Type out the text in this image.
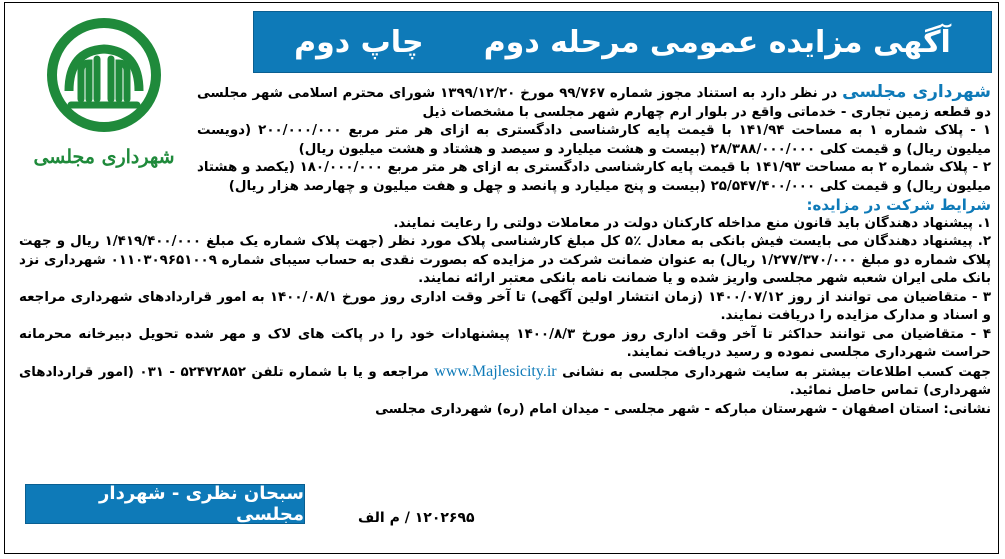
شهرداری مجلسی
آگهی مزایده عمومی مرحله دوم
چاپ دوم

شهرداری مجلسی در نظر دارد به استناد مجوز شماره ۹۹/۷۶۷ مورخ ۱۳۹۹/۱۲/۲۰ شورای محترم اسلامی شهر مجلسی دو قطعه زمین تجاری - خدماتی واقع در بلوار ارم چهارم شهر مجلسی با مشخصات ذیل

۱ - پلاک شماره ۱ به مساحت ۱۴۱/۹۴ با قیمت پایه کارشناسی دادگستری به ازای هر متر مربع ۲۰۰/۰۰۰/۰۰۰ (دویست میلیون ریال) و قیمت کلی ۲۸/۳۸۸/۰۰۰/۰۰۰ (بیست و هشت میلیارد و سیصد و هشتاد و هشت میلیون ریال)

۲ - پلاک شماره ۲ به مساحت ۱۴۱/۹۳ با قیمت پایه کارشناسی دادگستری به ازای هر متر مربع ۱۸۰/۰۰۰/۰۰۰ (یکصد و هشتاد میلیون ریال) و قیمت کلی ۲۵/۵۴۷/۴۰۰/۰۰۰ (بیست و پنج میلیارد و پانصد و چهل و هفت میلیون و چهارصد هزار ریال)

شرایط شرکت در مزایده:

۱. پیشنهاد دهندگان باید قانون منع مداخله کارکنان دولت در معاملات دولتی را رعایت نمایند.

۲. پیشنهاد دهندگان می بایست فیش بانکی به معادل ٪۵ کل مبلغ کارشناسی پلاک مورد نظر (جهت پلاک شماره یک مبلغ ۱/۴۱۹/۴۰۰/۰۰۰ ریال و جهت پلاک شماره دو مبلغ ۱/۲۷۷/۳۷۰/۰۰۰ ریال) به عنوان ضمانت شرکت در مزایده که بصورت نقدی به حساب سیبای شماره ۰۱۱۰۳۰۹۶۵۱۰۰۹ شهرداری نزد بانک ملی ایران شعبه شهر مجلسی واریز شده و یا ضمانت نامه بانکی معتبر ارائه نمایند.

۳ - متقاضیان می توانند از روز ۱۴۰۰/۰۷/۱۲ (زمان انتشار اولین آگهی) تا آخر وقت اداری روز مورخ ۱۴۰۰/۰۸/۱ به امور قراردادهای شهرداری مراجعه و اسناد و مدارک مزایده را دریافت نمایند.

۴ - متقاضیان می توانند حداکثر تا آخر وقت اداری روز مورخ ۱۴۰۰/۸/۳ پیشنهادات خود را در پاکت های لاک و مهر شده تحویل دبیرخانه محرمانه حراست شهرداری مجلسی نموده و رسید دریافت نمایند.

جهت کسب اطلاعات بیشتر به سایت شهرداری مجلسی به نشانی www.Majlesicity.ir مراجعه و یا با شماره تلفن ۵۲۴۷۲۸۵۲ - ۰۳۱ (امور قراردادهای شهرداری) تماس حاصل نمائید.

نشانی: استان اصفهان - شهرستان مبارکه - شهر مجلسی - میدان امام (ره) شهرداری مجلسی

سبحان نظری - شهردار مجلسی	۱۲۰۲۶۹۵ / م الف
